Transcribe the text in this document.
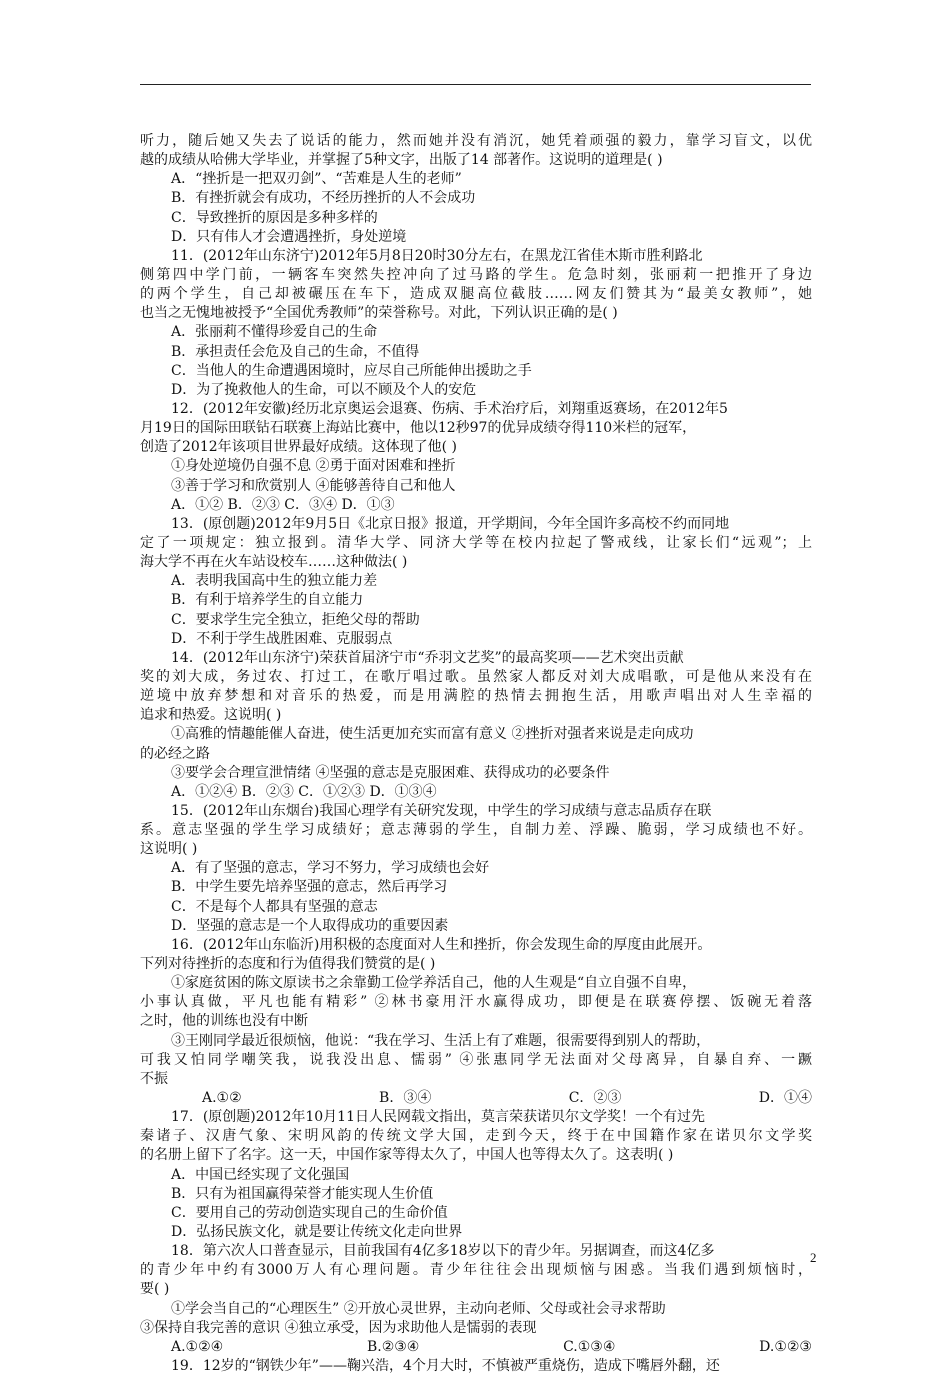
听力，随后她又失去了说话的能力，然而她并没有消沉，她凭着顽强的毅力，靠学习盲文，以优
越的成绩从哈佛大学毕业，并掌握了5种文字，出版了14 部著作。这说明的道理是( )
A．“挫折是一把双刃剑”、“苦难是人生的老师”
B．有挫折就会有成功，不经历挫折的人不会成功
C．导致挫折的原因是多种多样的
D．只有伟人才会遭遇挫折，身处逆境
11．(2012年山东济宁)2012年5月8日20时30分左右，在黑龙江省佳木斯市胜利路北
侧第四中学门前，一辆客车突然失控冲向了过马路的学生。危急时刻，张丽莉一把推开了身边
的两个学生，自己却被碾压在车下，造成双腿高位截肢……网友们赞其为“最美女教师”，她
也当之无愧地被授予“全国优秀教师”的荣誉称号。对此，下列认识正确的是( )
A．张丽莉不懂得珍爱自己的生命
B．承担责任会危及自己的生命，不值得
C．当他人的生命遭遇困境时，应尽自己所能伸出援助之手
D．为了挽救他人的生命，可以不顾及个人的安危
12．(2012年安徽)经历北京奥运会退赛、伤病、手术治疗后，刘翔重返赛场，在2012年5
月19日的国际田联钻石联赛上海站比赛中，他以12秒97的优异成绩夺得110米栏的冠军，
创造了2012年该项目世界最好成绩。这体现了他( )
①身处逆境仍自强不息 ②勇于面对困难和挫折
③善于学习和欣赏别人 ④能够善待自己和他人
A．①② B．②③ C．③④ D．①③
13．(原创题)2012年9月5日《北京日报》报道，开学期间，今年全国许多高校不约而同地
定了一项规定：独立报到。清华大学、同济大学等在校内拉起了警戒线，让家长们“远观”；上
海大学不再在火车站设校车……这种做法( )
A．表明我国高中生的独立能力差
B．有利于培养学生的自立能力
C．要求学生完全独立，拒绝父母的帮助
D．不利于学生战胜困难、克服弱点
14．(2012年山东济宁)荣获首届济宁市“乔羽文艺奖”的最高奖项——艺术突出贡献
奖的刘大成，务过农、打过工，在歌厅唱过歌。虽然家人都反对刘大成唱歌，可是他从来没有在
逆境中放弃梦想和对音乐的热爱，而是用满腔的热情去拥抱生活，用歌声唱出对人生幸福的
追求和热爱。这说明( )
①高雅的情趣能催人奋进，使生活更加充实而富有意义 ②挫折对强者来说是走向成功
的必经之路
③要学会合理宣泄情绪 ④坚强的意志是克服困难、获得成功的必要条件
A．①②④ B．②③ C．①②③ D．①③④
15．(2012年山东烟台)我国心理学有关研究发现，中学生的学习成绩与意志品质存在联
系。意志坚强的学生学习成绩好；意志薄弱的学生，自制力差、浮躁、脆弱，学习成绩也不好。
这说明( )
A．有了坚强的意志，学习不努力，学习成绩也会好
B．中学生要先培养坚强的意志，然后再学习
C．不是每个人都具有坚强的意志
D．坚强的意志是一个人取得成功的重要因素
16．(2012年山东临沂)用积极的态度面对人生和挫折，你会发现生命的厚度由此展开。
下列对待挫折的态度和行为值得我们赞赏的是( )
①家庭贫困的陈文原读书之余靠勤工俭学养活自己，他的人生观是“自立自强不自卑，
小事认真做，平凡也能有精彩” ②林书豪用汗水赢得成功，即便是在联赛停摆、饭碗无着落
之时，他的训练也没有中断
③王刚同学最近很烦恼，他说：“我在学习、生活上有了难题，很需要得到别人的帮助，
可我又怕同学嘲笑我，说我没出息、懦弱” ④张惠同学无法面对父母离异，自暴自弃、一蹶
不振
A.①②	B．③④	C．②③	D．①④
17．(原创题)2012年10月11日人民网载文指出，莫言荣获诺贝尔文学奖！一个有过先
秦诸子、汉唐气象、宋明风韵的传统文学大国，走到今天，终于在中国籍作家在诺贝尔文学奖
的名册上留下了名字。这一天，中国作家等得太久了，中国人也等得太久了。这表明( )
A．中国已经实现了文化强国
B．只有为祖国赢得荣誉才能实现人生价值
C．要用自己的劳动创造实现自己的生命价值
D．弘扬民族文化，就是要让传统文化走向世界
18．第六次人口普查显示，目前我国有4亿多18岁以下的青少年。另据调查，而这4亿多
的青少年中约有3000万人有心理问题。青少年往往会出现烦恼与困惑。当我们遇到烦恼时，
要( )
①学会当自己的“心理医生” ②开放心灵世界，主动向老师、父母或社会寻求帮助
③保持自我完善的意识 ④独立承受，因为求助他人是懦弱的表现
A.①②④	B.②③④	C.①③④	D.①②③
19．12岁的“钢铁少年”——鞠兴浩，4个月大时，不慎被严重烧伤，造成下嘴唇外翻，还
2
